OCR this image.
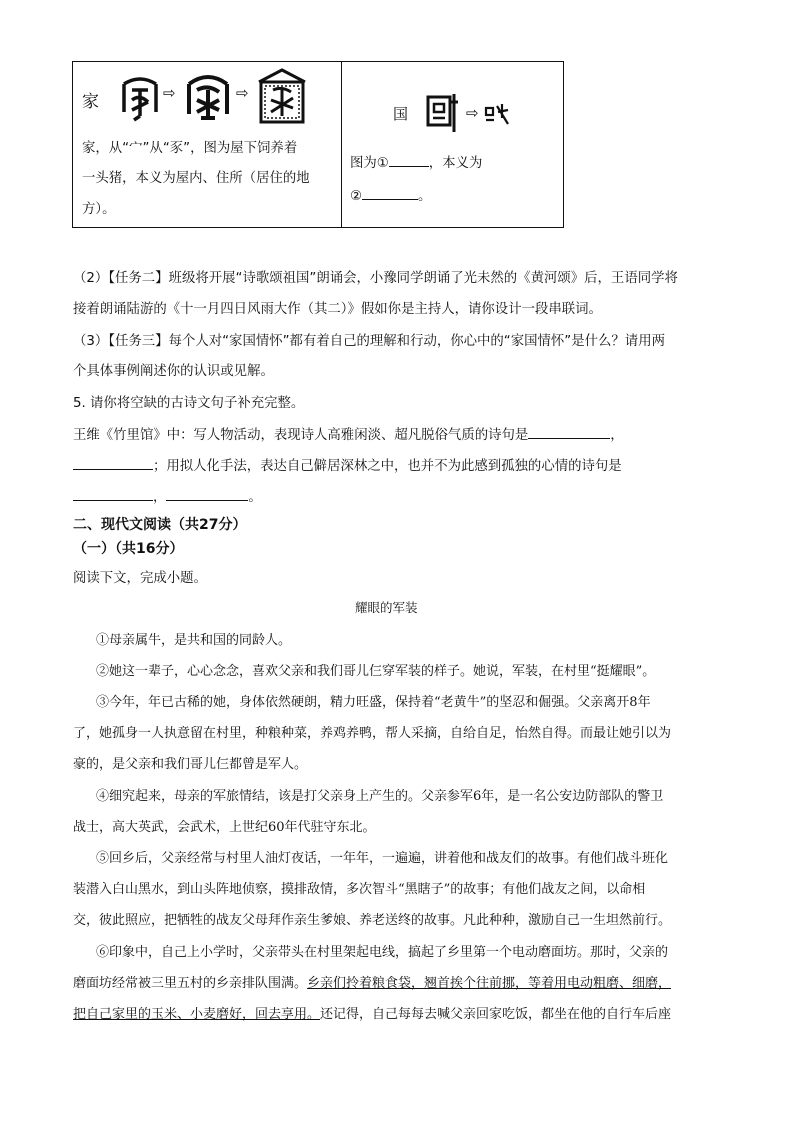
家	⇨	⇨
家，从“宀”从“豕”，图为屋下饲养着
一头猪，本义为屋内、住所（居住的地
方）。

国	⇨
图为①	，本义为
②	。
（2）【任务二】班级将开展“诗歌颂祖国”朗诵会，小豫同学朗诵了光未然的《黄河颂》后，王语同学将
接着朗诵陆游的《十一月四日风雨大作（其二）》假如你是主持人，请你设计一段串联词。
（3）【任务三】每个人对“家国情怀”都有着自己的理解和行动，你心中的“家国情怀”是什么？请用两
个具体事例阐述你的认识或见解。
5. 请你将空缺的古诗文句子补充完整。
王维《竹里馆》中：写人物活动，表现诗人高雅闲淡、超凡脱俗气质的诗句是	，
；用拟人化手法，表达自己僻居深林之中，也并不为此感到孤独的心情的诗句是
，	。
二、现代文阅读（共27分）
（一）（共16分）
阅读下文，完成小题。
耀眼的军装
①母亲属牛，是共和国的同龄人。
②她这一辈子，心心念念，喜欢父亲和我们哥儿仨穿军装的样子。她说，军装，在村里“挺耀眼”。
③今年，年已古稀的她，身体依然硬朗，精力旺盛，保持着“老黄牛”的坚忍和倔强。父亲离开8年
了，她孤身一人执意留在村里，种粮种菜，养鸡养鸭，帮人采摘，自给自足，怡然自得。而最让她引以为
豪的，是父亲和我们哥儿仨都曾是军人。
④细究起来，母亲的军旅情结，该是打父亲身上产生的。父亲参军6年，是一名公安边防部队的警卫
战士，高大英武，会武术，上世纪60年代驻守东北。
⑤回乡后，父亲经常与村里人油灯夜话，一年年，一遍遍，讲着他和战友们的故事。有他们战斗班化
装潜入白山黑水，到山头阵地侦察，摸排敌情，多次智斗“黑瞎子”的故事；有他们战友之间，以命相
交，彼此照应，把牺牲的战友父母拜作亲生爹娘、养老送终的故事。凡此种种，激励自己一生坦然前行。
⑥印象中，自己上小学时，父亲带头在村里架起电线，搞起了乡里第一个电动磨面坊。那时，父亲的
磨面坊经常被三里五村的乡亲排队围满。乡亲们拎着粮食袋，翘首挨个往前挪，等着用电动粗磨、细磨，
把自己家里的玉米、小麦磨好，回去享用。还记得，自己每每去喊父亲回家吃饭，都坐在他的自行车后座
